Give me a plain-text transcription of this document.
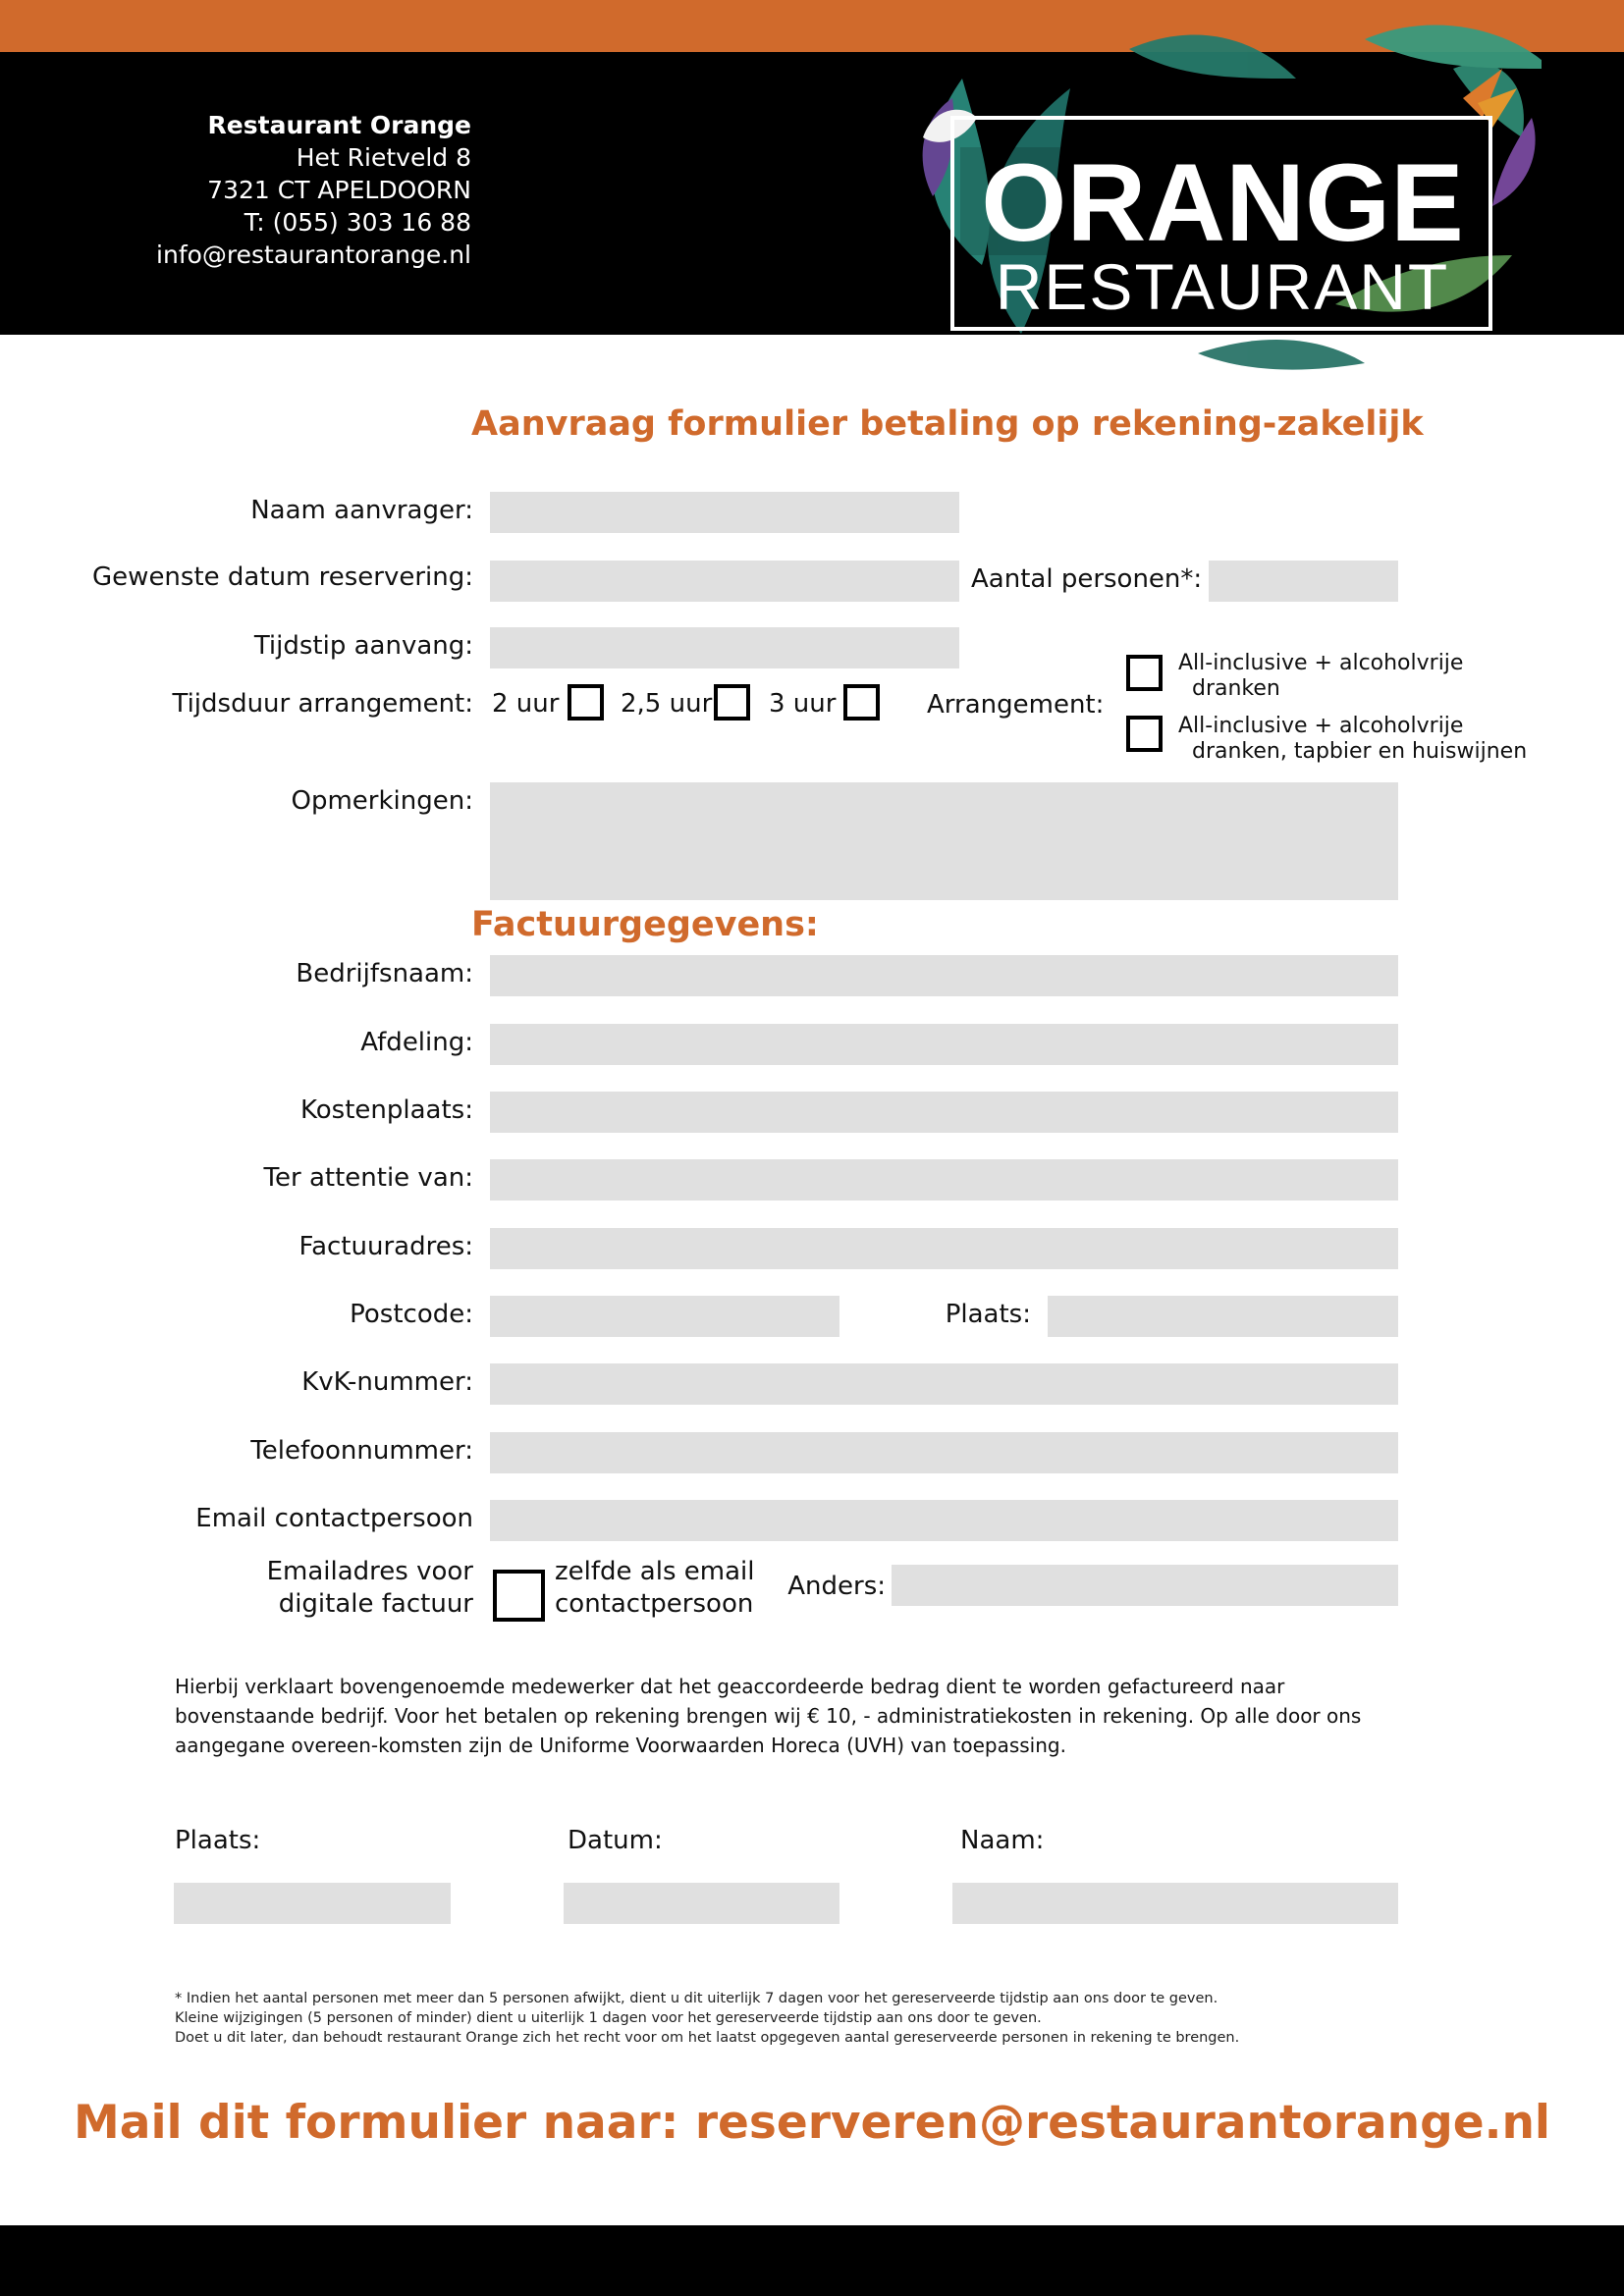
Restaurant Orange
Het Rietveld 8
7321 CT APELDOORN
T: (055) 303 16 88
info@restaurantorange.nl	ORANGE
RESTAURANT
Aanvraag formulier betaling op rekening-zakelijk
Naam aanvrager:
Gewenste datum reservering:	Aantal personen*:
Tijdstip aanvang:
Tijdsduur arrangement: 2 uur 2,5 uur 3 uur	Arrangement:
All-inclusive + alcoholvrije
dranken
All-inclusive + alcoholvrije
dranken, tapbier en huiswijnen
Opmerkingen:
Factuurgegevens:
Bedrijfsnaam:
Afdeling:
Kostenplaats:
Ter attentie van:
Factuuradres:
Postcode:	Plaats:
KvK-nummer:
Telefoonnummer:
Email contactpersoon
Emailadres voor
digitale factuur
zelfde als email
contactpersoon
Anders:
Hierbij verklaart bovengenoemde medewerker dat het geaccordeerde bedrag dient te worden gefactureerd naar bovenstaande bedrijf. Voor het betalen op rekening brengen wij € 10, - administratiekosten in rekening. Op alle door ons aangegane overeen-komsten zijn de Uniforme Voorwaarden Horeca (UVH) van toepassing.
Plaats:	Datum:	Naam:
* Indien het aantal personen met meer dan 5 personen afwijkt, dient u dit uiterlijk 7 dagen voor het gereserveerde tijdstip aan ons door te geven.
Kleine wijzigingen (5 personen of minder) dient u uiterlijk 1 dagen voor het gereserveerde tijdstip aan ons door te geven.
Doet u dit later, dan behoudt restaurant Orange zich het recht voor om het laatst opgegeven aantal gereserveerde personen in rekening te brengen.
Mail dit formulier naar: reserveren@restaurantorange.nl
